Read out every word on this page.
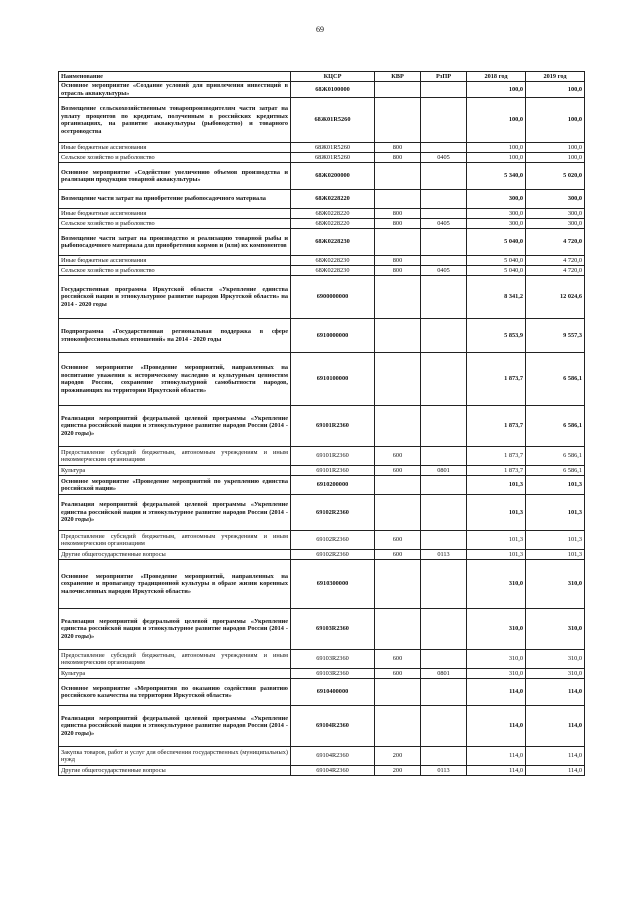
69
Наименование	КЦСР	КВР	РзПР	2018 год	2019 год
Основное мероприятие «Создание условий для привлечения инвестиций в отрасль аквакультуры»	68Ж0100000			100,0	100,0
Возмещение сельскохозяйственным товаропроизводителям части затрат на уплату процентов по кредитам, полученным в российских кредитных организациях, на развитие аквакультуры (рыбоводство) и товарного осетроводства	68Ж01R5260			100,0	100,0
Иные бюджетные ассигнования	68Ж01R5260	800		100,0	100,0
Сельское хозяйство и рыболовство	68Ж01R5260	800	0405	100,0	100,0
Основное мероприятие «Содействие увеличению объемов производства и реализации продукции товарной аквакультуры»	68Ж0200000			5 340,0	5 020,0
Возмещение части затрат на приобретение рыбопосадочного материала	68Ж0228220			300,0	300,0
Иные бюджетные ассигнования	68Ж0228220	800		300,0	300,0
Сельское хозяйство и рыболовство	68Ж0228220	800	0405	300,0	300,0
Возмещение части затрат на производство и реализацию товарной рыбы и рыбопосадочного материала для приобретения кормов и (или) их компонентов	68Ж0228230			5 040,0	4 720,0
Иные бюджетные ассигнования	68Ж0228230	800		5 040,0	4 720,0
Сельское хозяйство и рыболовство	68Ж0228230	800	0405	5 040,0	4 720,0
Государственная программа Иркутской области «Укрепление единства российской нации и этнокультурное развитие народов Иркутской области» на 2014 - 2020 годы	6900000000			8 341,2	12 024,6
Подпрограмма «Государственная региональная поддержка в сфере этноконфессиональных отношений» на 2014 - 2020 годы	6910000000			5 853,9	9 557,3
Основное мероприятие «Проведение мероприятий, направленных на воспитание уважения к историческому наследию и культурным ценностям народов России, сохранение этнокультурной самобытности народов, проживающих на территории Иркутской области»	6910100000			1 873,7	6 586,1
Реализация мероприятий федеральной целевой программы «Укрепление единства российской нации и этнокультурное развитие народов России (2014 - 2020 годы)»	69101R2360			1 873,7	6 586,1
Предоставление субсидий бюджетным, автономным учреждениям и иным некоммерческим организациям	69101R2360	600		1 873,7	6 586,1
Культура	69101R2360	600	0801	1 873,7	6 586,1
Основное мероприятие «Проведение мероприятий по укреплению единства российской нации»	6910200000			101,3	101,3
Реализация мероприятий федеральной целевой программы «Укрепление единства российской нации и этнокультурное развитие народов России (2014 - 2020 годы)»	69102R2360			101,3	101,3
Предоставление субсидий бюджетным, автономным учреждениям и иным некоммерческим организациям	69102R2360	600		101,3	101,3
Другие общегосударственные вопросы	69102R2360	600	0113	101,3	101,3
Основное мероприятие «Проведение мероприятий, направленных на сохранение и пропаганду традиционной культуры в образе жизни коренных малочисленных народов Иркутской области»	6910300000			310,0	310,0
Реализация мероприятий федеральной целевой программы «Укрепление единства российской нации и этнокультурное развитие народов России (2014 - 2020 годы)»	69103R2360			310,0	310,0
Предоставление субсидий бюджетным, автономным учреждениям и иным некоммерческим организациям	69103R2360	600		310,0	310,0
Культура	69103R2360	600	0801	310,0	310,0
Основное мероприятие «Мероприятия по оказанию содействия развитию российского казачества на территории Иркутской области»	6910400000			114,0	114,0
Реализация мероприятий федеральной целевой программы «Укрепление единства российской нации и этнокультурное развитие народов России (2014 - 2020 годы)»	69104R2360			114,0	114,0
Закупка товаров, работ и услуг для обеспечения государственных (муниципальных) нужд	69104R2360	200		114,0	114,0
Другие общегосударственные вопросы	69104R2360	200	0113	114,0	114,0
